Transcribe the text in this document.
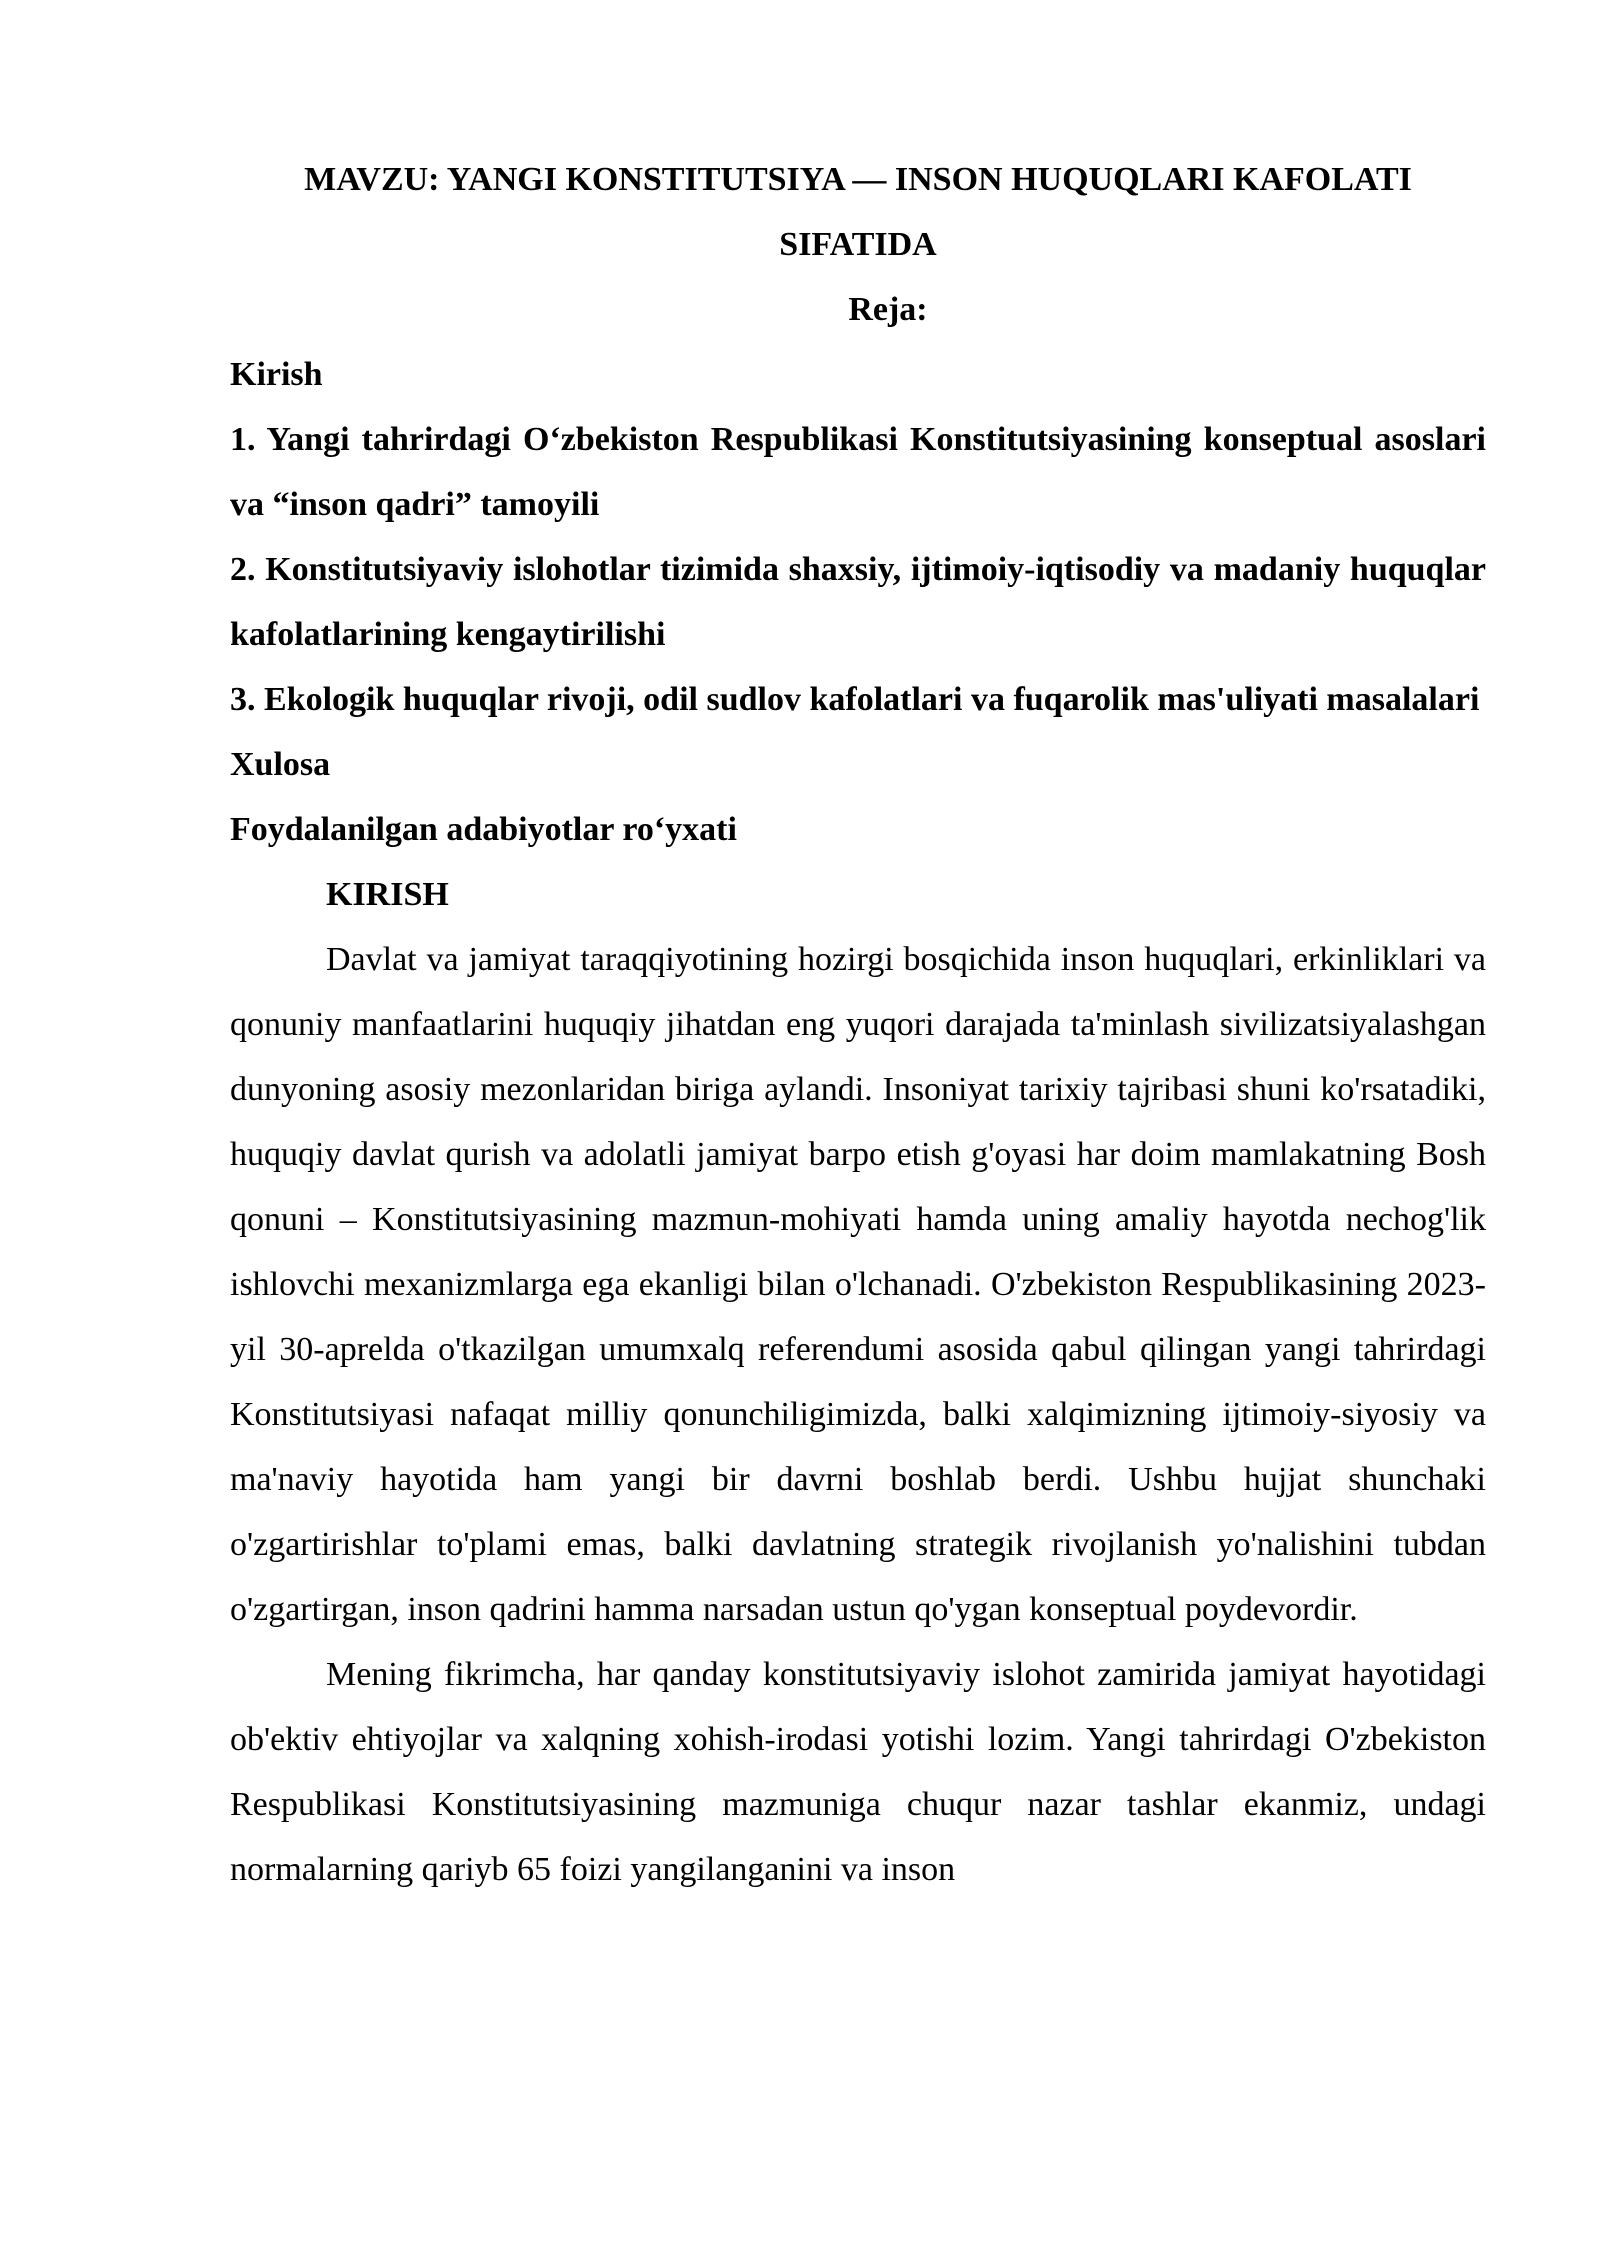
MAVZU: YANGI KONSTITUTSIYA — INSON HUQUQLARI KAFOLATI SIFATIDA
Reja:
Kirish
1. Yangi tahrirdagi O‘zbekiston Respublikasi Konstitutsiyasining konseptual asoslari va “inson qadri” tamoyili
2. Konstitutsiyaviy islohotlar tizimida shaxsiy, ijtimoiy-iqtisodiy va madaniy huquqlar kafolatlarining kengaytirilishi
3. Ekologik huquqlar rivoji, odil sudlov kafolatlari va fuqarolik mas'uliyati masalalari
Xulosa
Foydalanilgan adabiyotlar ro‘yxati
KIRISH

Davlat va jamiyat taraqqiyotining hozirgi bosqichida inson huquqlari, erkinliklari va qonuniy manfaatlarini huquqiy jihatdan eng yuqori darajada ta'minlash sivilizatsiyalashgan dunyoning asosiy mezonlaridan biriga aylandi. Insoniyat tarixiy tajribasi shuni ko'rsatadiki, huquqiy davlat qurish va adolatli jamiyat barpo etish g'oyasi har doim mamlakatning Bosh qonuni – Konstitutsiyasining mazmun-mohiyati hamda uning amaliy hayotda nechog'lik ishlovchi mexanizmlarga ega ekanligi bilan o'lchanadi. O'zbekiston Respublikasining 2023-yil 30-aprelda o'tkazilgan umumxalq referendumi asosida qabul qilingan yangi tahrirdagi Konstitutsiyasi nafaqat milliy qonunchiligimizda, balki xalqimizning ijtimoiy-siyosiy va ma'naviy hayotida ham yangi bir davrni boshlab berdi. Ushbu hujjat shunchaki o'zgartirishlar to'plami emas, balki davlatning strategik rivojlanish yo'nalishini tubdan o'zgartirgan, inson qadrini hamma narsadan ustun qo'ygan konseptual poydevordir.

Mening fikrimcha, har qanday konstitutsiyaviy islohot zamirida jamiyat hayotidagi ob'ektiv ehtiyojlar va xalqning xohish-irodasi yotishi lozim. Yangi tahrirdagi O'zbekiston Respublikasi Konstitutsiyasining mazmuniga chuqur nazar tashlar ekanmiz, undagi normalarning qariyb 65 foizi yangilanganini va inson
